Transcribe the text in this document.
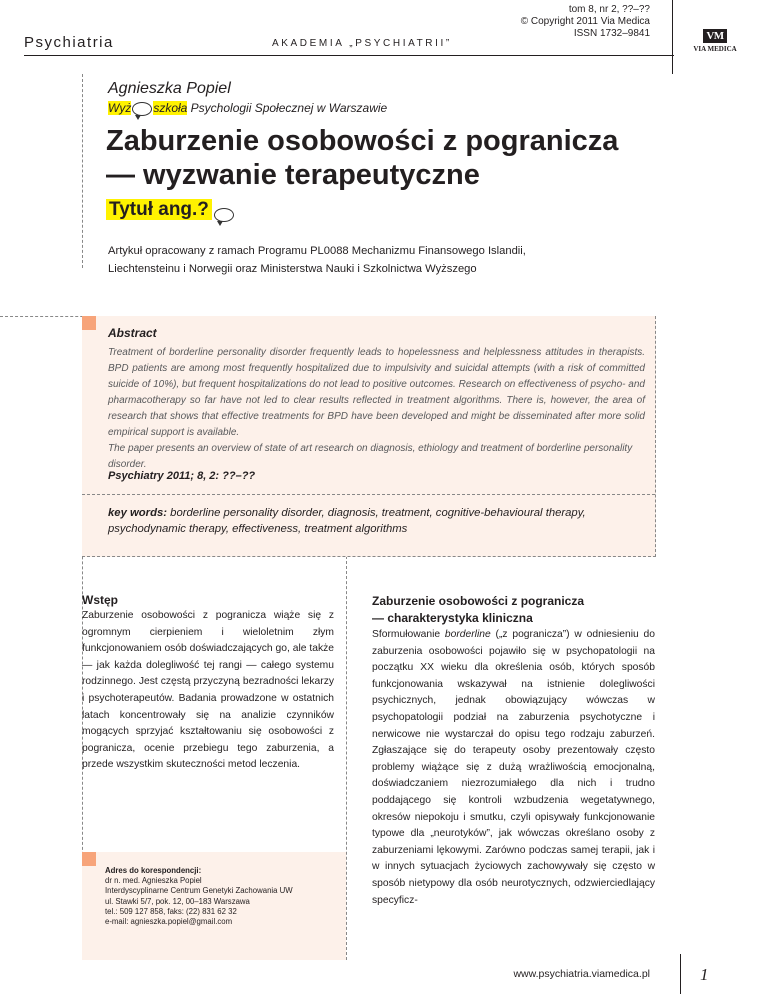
Psychiatria	AKADEMIA „PSYCHIATRII”
tom 8, nr 2, ??–??
© Copyright 2011 Via Medica
ISSN 1732–9841	VM
VIA MEDICA
Agnieszka Popiel
Wyż szkoła Psychologii Społecznej w Warszawie
Zaburzenie osobowości z pogranicza
— wyzwanie terapeutyczne
Tytuł ang.?
Artykuł opracowany z ramach Programu PL0088 Mechanizmu Finansowego Islandii,
Liechtensteinu i Norwegii oraz Ministerstwa Nauki i Szkolnictwa Wyższego
Abstract

Treatment of borderline personality disorder frequently leads to hopelessness and helplessness attitudes in therapists. BPD patients are among most frequently hospitalized due to impulsivity and suicidal attempts (with a risk of committed suicide of 10%), but frequent hospitalizations do not lead to positive outcomes. Research on effectiveness of psycho- and pharmacotherapy so far have not led to clear results reflected in treatment algorithms. There is, however, the area of research that shows that effective treatments for BPD have been developed and might be disseminated after more solid empirical support is available.

The paper presents an overview of state of art research on diagnosis, ethiology and treatment of borderline personality disorder.

Psychiatry 2011; 8, 2: ??–??
key words: borderline personality disorder, diagnosis, treatment, cognitive-behavioural therapy, psychodynamic therapy, effectiveness, treatment algorithms
Wstęp

Zaburzenie osobowości z pogranicza wiąże się z ogromnym cierpieniem i wieloletnim złym funkcjonowaniem osób doświadczających go, ale także — jak każda dolegliwość tej rangi — całego systemu rodzinnego. Jest częstą przyczyną bezradności lekarzy i psychoterapeutów. Badania prowadzone w ostatnich latach koncentrowały się na analizie czynników mogących sprzyjać kształtowaniu się osobowości z pogranicza, ocenie przebiegu tego zaburzenia, a przede wszystkim skuteczności metod leczenia.

Adres do korespondencji:
dr n. med. Agnieszka Popiel
Interdyscyplinarne Centrum Genetyki Zachowania UW
ul. Stawki 5/7, pok. 12, 00–183 Warszawa
tel.: 509 127 858, faks: (22) 831 62 32
e-mail: agnieszka.popiel@gmail.com
Zaburzenie osobowości z pogranicza
— charakterystyka kliniczna

Sformułowanie borderline („z pogranicza”) w odniesieniu do zaburzenia osobowości pojawiło się w psychopatologii na początku XX wieku dla określenia osób, których sposób funkcjonowania wskazywał na istnienie dolegliwości psychicznych, jednak obowiązujący wówczas w psychopatologii podział na zaburzenia psychotyczne i nerwicowe nie wystarczał do opisu tego rodzaju zaburzeń. Zgłaszające się do terapeuty osoby prezentowały często problemy wiążące się z dużą wrażliwością emocjonalną, doświadczaniem niezrozumiałego dla nich i trudno poddającego się kontroli wzbudzenia wegetatywnego, okresów niepokoju i smutku, czyli opisywały funkcjonowanie typowe dla „neurotyków”, jak wówczas określano osoby z zaburzeniami lękowymi. Zarówno podczas samej terapii, jak i w innych sytuacjach życiowych zachowywały się często w sposób nietypowy dla osób neurotycznych, odzwierciedlający specyficz-

www.psychiatria.viamedica.pl	1
